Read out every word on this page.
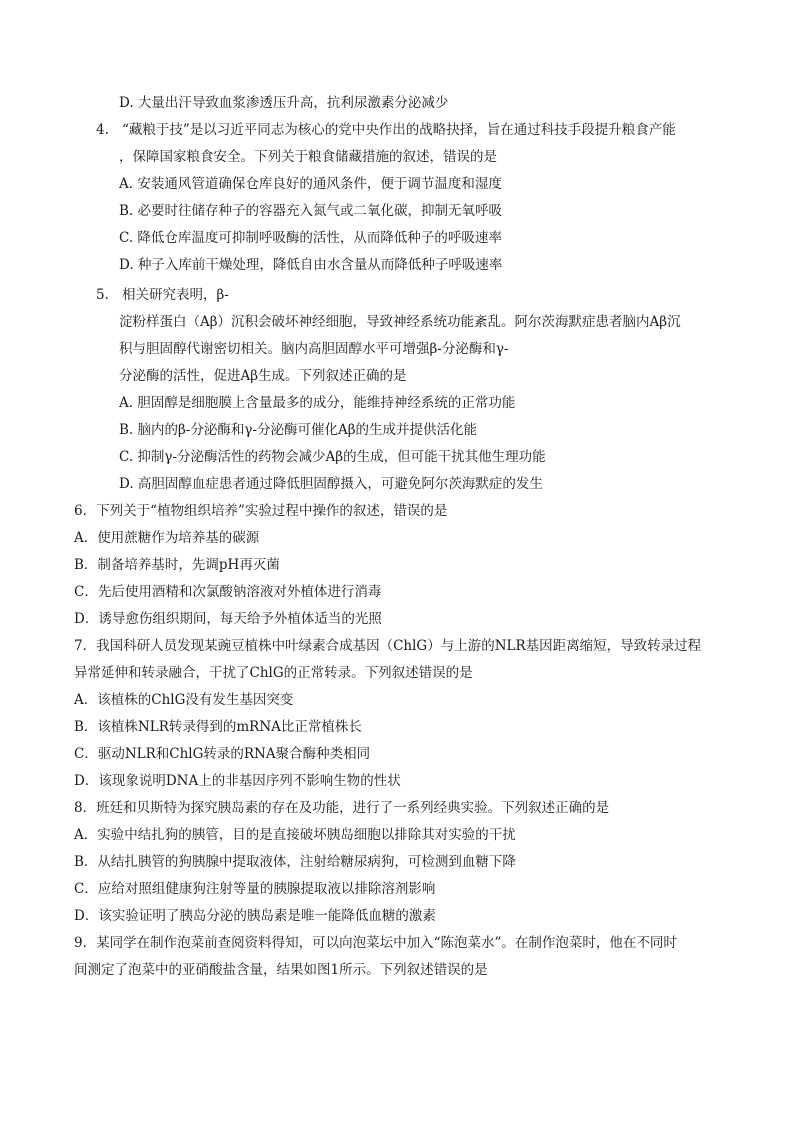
D. 大量出汗导致血浆渗透压升高，抗利尿激素分泌减少
4. “藏粮于技”是以习近平同志为核心的党中央作出的战略抉择，旨在通过科技手段提升粮食产能
，保障国家粮食安全。下列关于粮食储藏措施的叙述，错误的是
A. 安装通风管道确保仓库良好的通风条件，便于调节温度和湿度
B. 必要时往储存种子的容器充入氮气或二氧化碳，抑制无氧呼吸
C. 降低仓库温度可抑制呼吸酶的活性，从而降低种子的呼吸速率
D. 种子入库前干燥处理，降低自由水含量从而降低种子呼吸速率
5. 相关研究表明，β-
淀粉样蛋白（Aβ）沉积会破坏神经细胞，导致神经系统功能紊乱。阿尔茨海默症患者脑内Aβ沉
积与胆固醇代谢密切相关。脑内高胆固醇水平可增强β-分泌酶和γ-
分泌酶的活性，促进Aβ生成。下列叙述正确的是
A. 胆固醇是细胞膜上含量最多的成分，能维持神经系统的正常功能
B. 脑内的β-分泌酶和γ-分泌酶可催化Aβ的生成并提供活化能
C. 抑制γ-分泌酶活性的药物会减少Aβ的生成，但可能干扰其他生理功能
D. 高胆固醇血症患者通过降低胆固醇摄入，可避免阿尔茨海默症的发生
6．下列关于“植物组织培养”实验过程中操作的叙述，错误的是
A．使用蔗糖作为培养基的碳源
B．制备培养基时，先调pH再灭菌
C．先后使用酒精和次氯酸钠溶液对外植体进行消毒
D．诱导愈伤组织期间，每天给予外植体适当的光照
7．我国科研人员发现某豌豆植株中叶绿素合成基因（ChlG）与上游的NLR基因距离缩短，导致转录过程
异常延伸和转录融合，干扰了ChlG的正常转录。下列叙述错误的是
A．该植株的ChlG没有发生基因突变
B．该植株NLR转录得到的mRNA比正常植株长
C．驱动NLR和ChlG转录的RNA聚合酶种类相同
D．该现象说明DNA上的非基因序列不影响生物的性状
8．班廷和贝斯特为探究胰岛素的存在及功能，进行了一系列经典实验。下列叙述正确的是
A．实验中结扎狗的胰管，目的是直接破坏胰岛细胞以排除其对实验的干扰
B．从结扎胰管的狗胰腺中提取液体，注射给糖尿病狗，可检测到血糖下降
C．应给对照组健康狗注射等量的胰腺提取液以排除溶剂影响
D．该实验证明了胰岛分泌的胰岛素是唯一能降低血糖的激素
9．某同学在制作泡菜前查阅资料得知，可以向泡菜坛中加入“陈泡菜水”。在制作泡菜时，他在不同时
间测定了泡菜中的亚硝酸盐含量，结果如图1所示。下列叙述错误的是
